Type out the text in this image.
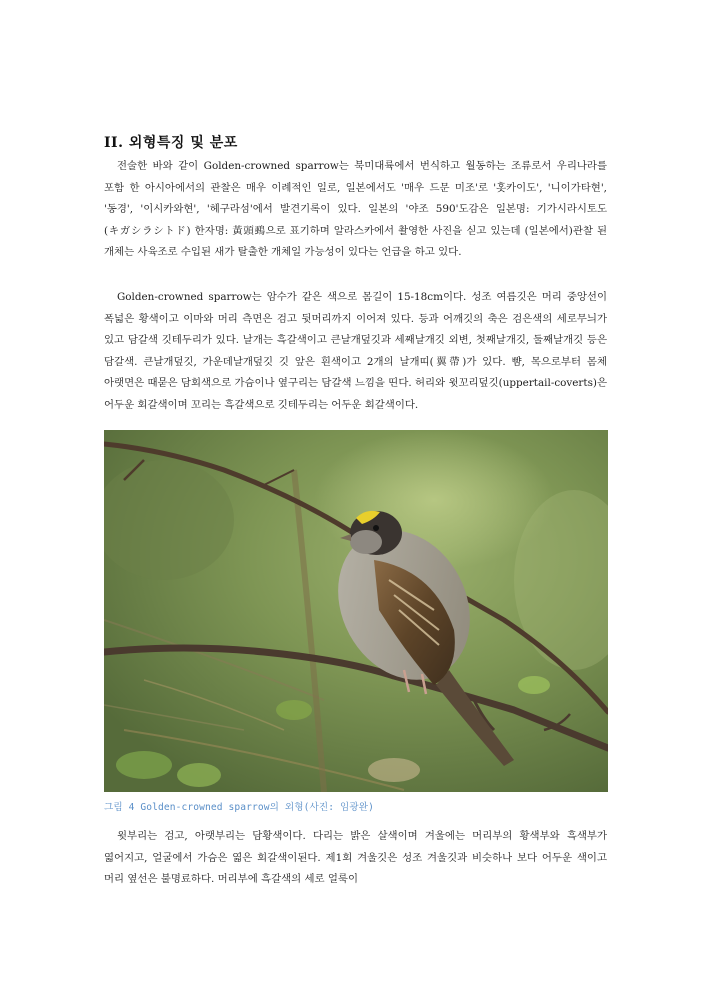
II. 외형특징 및 분포

전술한 바와 같이 Golden-crowned sparrow는 북미대륙에서 번식하고 월동하는 조류로서 우리나라를 포함 한 아시아에서의 관찰은 매우 이례적인 일로, 일본에서도 '매우 드문 미조'로 '홋카이도', '니이가타현', '동경', '이시카와현', '헤구라섬'에서 발견기록이 있다. 일본의 '야조 590'도감은 일본명: 기가시라시토도(キガシラシトド) 한자명: 黃頭鵐으로 표기하며 알라스카에서 촬영한 사진을 싣고 있는데 (일본에서)관찰 된 개체는 사육조로 수입된 새가 탈출한 개체일 가능성이 있다는 언급을 하고 있다.

Golden-crowned sparrow는 암수가 같은 색으로 몸길이 15-18cm이다. 성조 여름깃은 머리 중앙선이 폭넓은 황색이고 이마와 머리 측면은 검고 뒷머리까지 이어져 있다. 등과 어깨깃의 축은 검은색의 세로무늬가 있고 담갈색 깃테두리가 있다. 날개는 흑갈색이고 큰날개덮깃과 세째날개깃 외변, 첫째날개깃, 둘째날개깃 등은 담갈색. 큰날개덮깃, 가운데날개덮깃 깃 앞은 흰색이고 2개의 날개띠(翼帶)가 있다. 뺨, 목으로부터 몸체 아랫면은 때묻은 담회색으로 가슴이나 옆구리는 담갈색 느낌을 띤다. 허리와 윗꼬리덮깃(uppertail-coverts)은 어두운 회갈색이며 꼬리는 흑갈색으로 깃테두리는 어두운 회갈색이다.

그림 4 Golden-crowned sparrow의 외형(사진: 임광완)

윗부리는 검고, 아랫부리는 담황색이다. 다리는 밝은 살색이며 겨울에는 머리부의 황색부와 흑색부가 엷어지고, 얼굴에서 가슴은 엷은 회갈색이된다. 제1회 겨울깃은 성조 겨울깃과 비슷하나 보다 어두운 색이고 머리 옆선은 불명료하다. 머리부에 흑갈색의 세로 얼룩이
